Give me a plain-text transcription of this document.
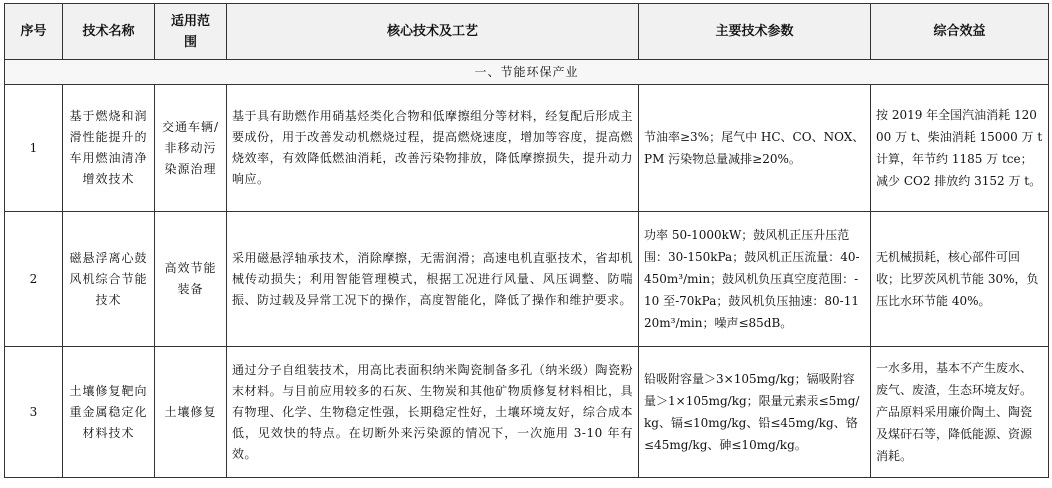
序号	技术名称	适用范围	核心技术及工艺	主要技术参数	综合效益
一、节能环保产业					
1	基于燃烧和润滑性能提升的车用燃油清净增效技术	交通车辆/非移动污染源治理	基于具有助燃作用硝基烃类化合物和低摩擦组分等材料，经复配后形成主要成份，用于改善发动机燃烧过程，提高燃烧速度，增加等容度，提高燃烧效率，有效降低燃油消耗，改善污染物排放，降低摩擦损失，提升动力响应。	节油率≥3%；尾气中 HC、CO、NOX、PM 污染物总量减排≥20%。	按 2019 年全国汽油消耗 12000 万 t、柴油消耗 15000 万 t 计算，年节约 1185 万 tce；减少 CO2 排放约 3152 万 t。
2	磁悬浮离心鼓风机综合节能技术	高效节能装备	采用磁悬浮轴承技术，消除摩擦，无需润滑；高速电机直驱技术，省却机械传动损失；利用智能管理模式，根据工况进行风量、风压调整、防喘振、防过载及异常工况下的操作，高度智能化，降低了操作和维护要求。	功率 50-1000kW；鼓风机正压升压范围：30-150kPa；鼓风机正压流量：40-450m³/min；鼓风机负压真空度范围：-10 至-70kPa；鼓风机负压抽速：80-1120m³/min；噪声≤85dB。	无机械损耗，核心部件可回收；比罗茨风机节能 30%，负压比水环节能 40%。
3	土壤修复靶向重金属稳定化材料技术	土壤修复	通过分子自组装技术，用高比表面积纳米陶瓷制备多孔（纳米级）陶瓷粉末材料。与目前应用较多的石灰、生物炭和其他矿物质修复材料相比，具有物理、化学、生物稳定性强，长期稳定性好，土壤环境友好，综合成本低，见效快的特点。在切断外来污染源的情况下，一次施用 3-10 年有效。	铅吸附容量＞3×105mg/kg；镉吸附容量＞1×105mg/kg；限量元素汞≤5mg/kg、镉≤10mg/kg、铅≤45mg/kg、铬≤45mg/kg、砷≤10mg/kg。	一水多用，基本不产生废水、废气、废渣，生态环境友好。产品原料采用廉价陶土、陶瓷及煤矸石等，降低能源、资源消耗。
